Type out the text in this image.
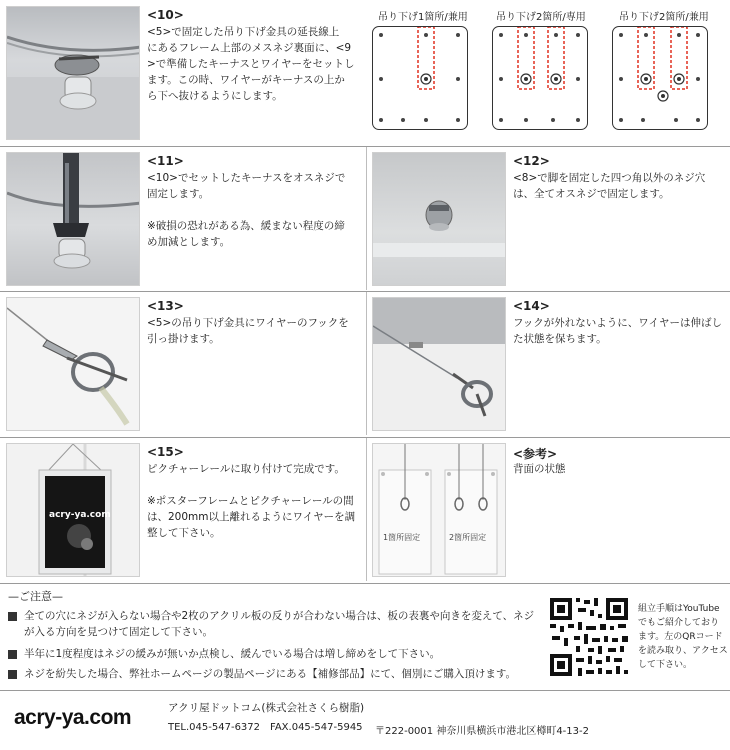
<10>
<5>で固定した吊り下げ金具の延長線上
にあるフレーム上部のメスネジ裏面に、<9
>で準備したキーナスとワイヤーをセットし
ます。この時、ワイヤーがキーナスの上か
ら下へ抜けるようにします。
吊り下げ1箇所/兼用	吊り下げ2箇所/専用	吊り下げ2箇所/兼用
<11>
<10>でセットしたキーナスをオスネジで
固定します。

※破損の恐れがある為、緩まない程度の締
め加減とします。
<12>
<8>で脚を固定した四つ角以外のネジ穴
は、全てオスネジで固定します。
<13>
<5>の吊り下げ金具にワイヤーのフックを
引っ掛けます。
<14>
フックが外れないように、ワイヤーは伸ばし
た状態を保ちます。
acry-ya.com
<15>
ピクチャーレールに取り付けて完成です。

※ポスターフレームとピクチャーレールの間
は、200mm以上離れるようにワイヤーを調
整して下さい。	1箇所固定	2箇所固定
<参考>
背面の状態
—ご注意—
全ての穴にネジが入らない場合や2枚のアクリル板の反りが合わない場合は、板の表裏や向きを変えて、ネジが入る方向を見つけて固定して下さい。
半年に1度程度はネジの緩みが無いか点検し、緩んでいる場合は増し締めをして下さい。
ネジを紛失した場合、弊社ホームページの製品ページにある【補修部品】にて、個別にご購入頂けます。
組立手順はYouTube
でもご紹介しており
ます。左のQRコード
を読み取り、アクセス
して下さい。
acry-ya.com	アクリ屋ドットコム(株式会社さくら樹脂)
TEL.045-547-6372 FAX.045-547-5945 〒222-0001 神奈川県横浜市港北区樽町4-13-2
